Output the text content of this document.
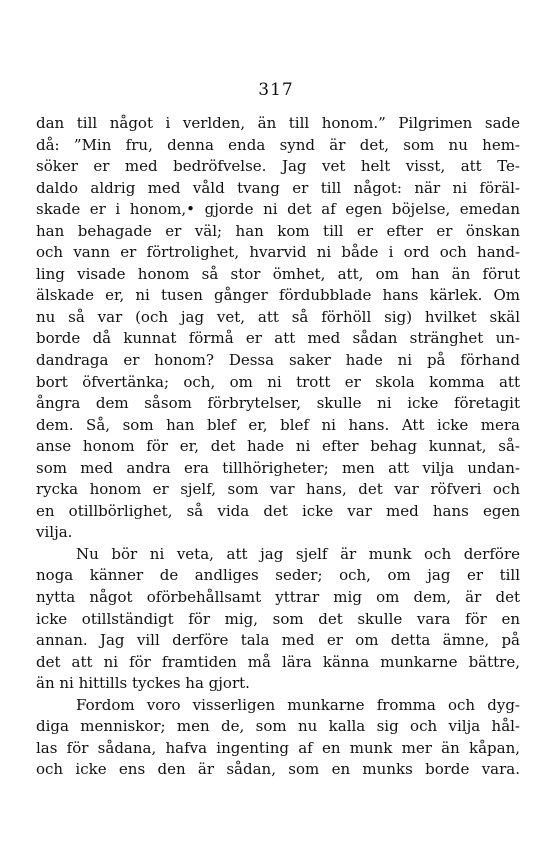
317
dan till något i verlden, än till honom.” Pilgrimen sade
då: ”Min fru, denna enda synd är det, som nu hem-
söker er med bedröfvelse. Jag vet helt visst, att Te-
daldo aldrig med våld tvang er till något: när ni föräl-
skade er i honom,• gjorde ni det af egen böjelse, emedan
han behagade er väl; han kom till er efter er önskan
och vann er förtrolighet, hvarvid ni både i ord och hand-
ling visade honom så stor ömhet, att, om han än förut
älskade er, ni tusen gånger fördubblade hans kärlek. Om
nu så var (och jag vet, att så förhöll sig) hvilket skäl
borde då kunnat förmå er att med sådan stränghet un-
dandraga er honom? Dessa saker hade ni på förhand
bort öfvertänka; och, om ni trott er skola komma att
ångra dem såsom förbrytelser, skulle ni icke företagit
dem. Så, som han blef er, blef ni hans. Att icke mera
anse honom för er, det hade ni efter behag kunnat, så-
som med andra era tillhörigheter; men att vilja undan-
rycka honom er sjelf, som var hans, det var röfveri och
en otillbörlighet, så vida det icke var med hans egen
vilja.
Nu bör ni veta, att jag sjelf är munk och derföre
noga känner de andliges seder; och, om jag er till
nytta något oförbehållsamt yttrar mig om dem, är det
icke otillständigt för mig, som det skulle vara för en
annan. Jag vill derföre tala med er om detta ämne, på
det att ni för framtiden må lära känna munkarne bättre,
än ni hittills tyckes ha gjort.
Fordom voro visserligen munkarne fromma och dyg-
diga menniskor; men de, som nu kalla sig och vilja hål-
las för sådana, hafva ingenting af en munk mer än kåpan,
och icke ens den är sådan, som en munks borde vara.
